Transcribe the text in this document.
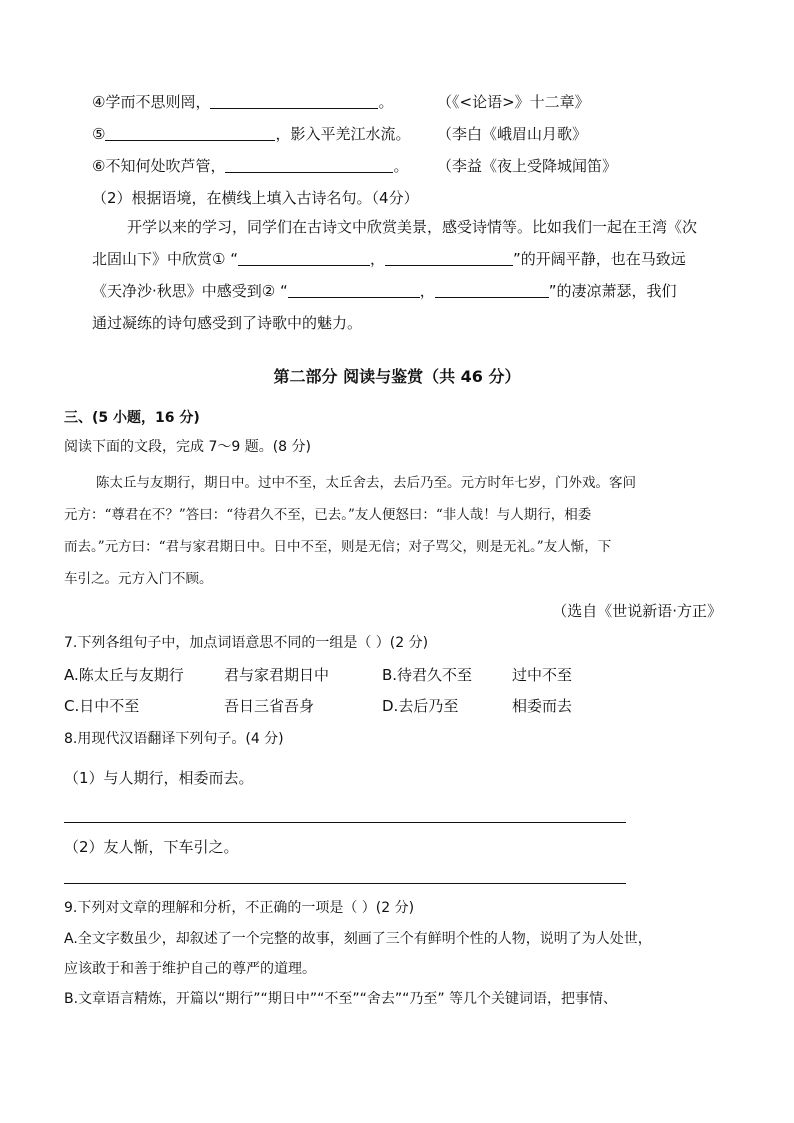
④学而不思则罔，	。	（《<论语>》十二章》
⑤	，影入平羌江水流。 （李白《峨眉山月歌》
⑥不知何处吹芦管，	。 （李益《夜上受降城闻笛》
（2）根据语境，在横线上填入古诗名句。（4分）
开学以来的学习，同学们在古诗文中欣赏美景，感受诗情等。比如我们一起在王湾《次
北固山下》中欣赏① “	，	”的开阔平静，也在马致远
《天净沙·秋思》中感受到② “	，	”的凄凉萧瑟，我们
通过凝练的诗句感受到了诗歌中的魅力。
第二部分 阅读与鉴赏（共 46 分）
三、(5 小题，16 分)
阅读下面的文段，完成 7～9 题。(8 分)
陈太丘与友期行，期日中。过中不至，太丘舍去，去后乃至。元方时年七岁，门外戏。客问
元方：“尊君在不？”答曰：“待君久不至，已去。”友人便怒曰：“非人哉！与人期行，相委
而去。”元方曰：“君与家君期日中。日中不至，则是无信；对子骂父，则是无礼。”友人惭，下
车引之。元方入门不顾。
（选自《世说新语·方正》
7.下列各组句子中，加点词语意思不同的一组是（ ）(2 分)
A.陈太丘与友期行	君与家君期日中	B.待君久不至	过中不至
C.日中不至	吾日三省吾身	D.去后乃至	相委而去
8.用现代汉语翻译下列句子。(4 分)
（1）与人期行，相委而去。
（2）友人惭，下车引之。
9.下列对文章的理解和分析，不正确的一项是（ ）(2 分)
A.全文字数虽少，却叙述了一个完整的故事，刻画了三个有鲜明个性的人物，说明了为人处世，
应该敢于和善于维护自己的尊严的道理。
B.文章语言精炼，开篇以“期行”“期日中”“不至”“舍去”“乃至” 等几个关键词语，把事情、
